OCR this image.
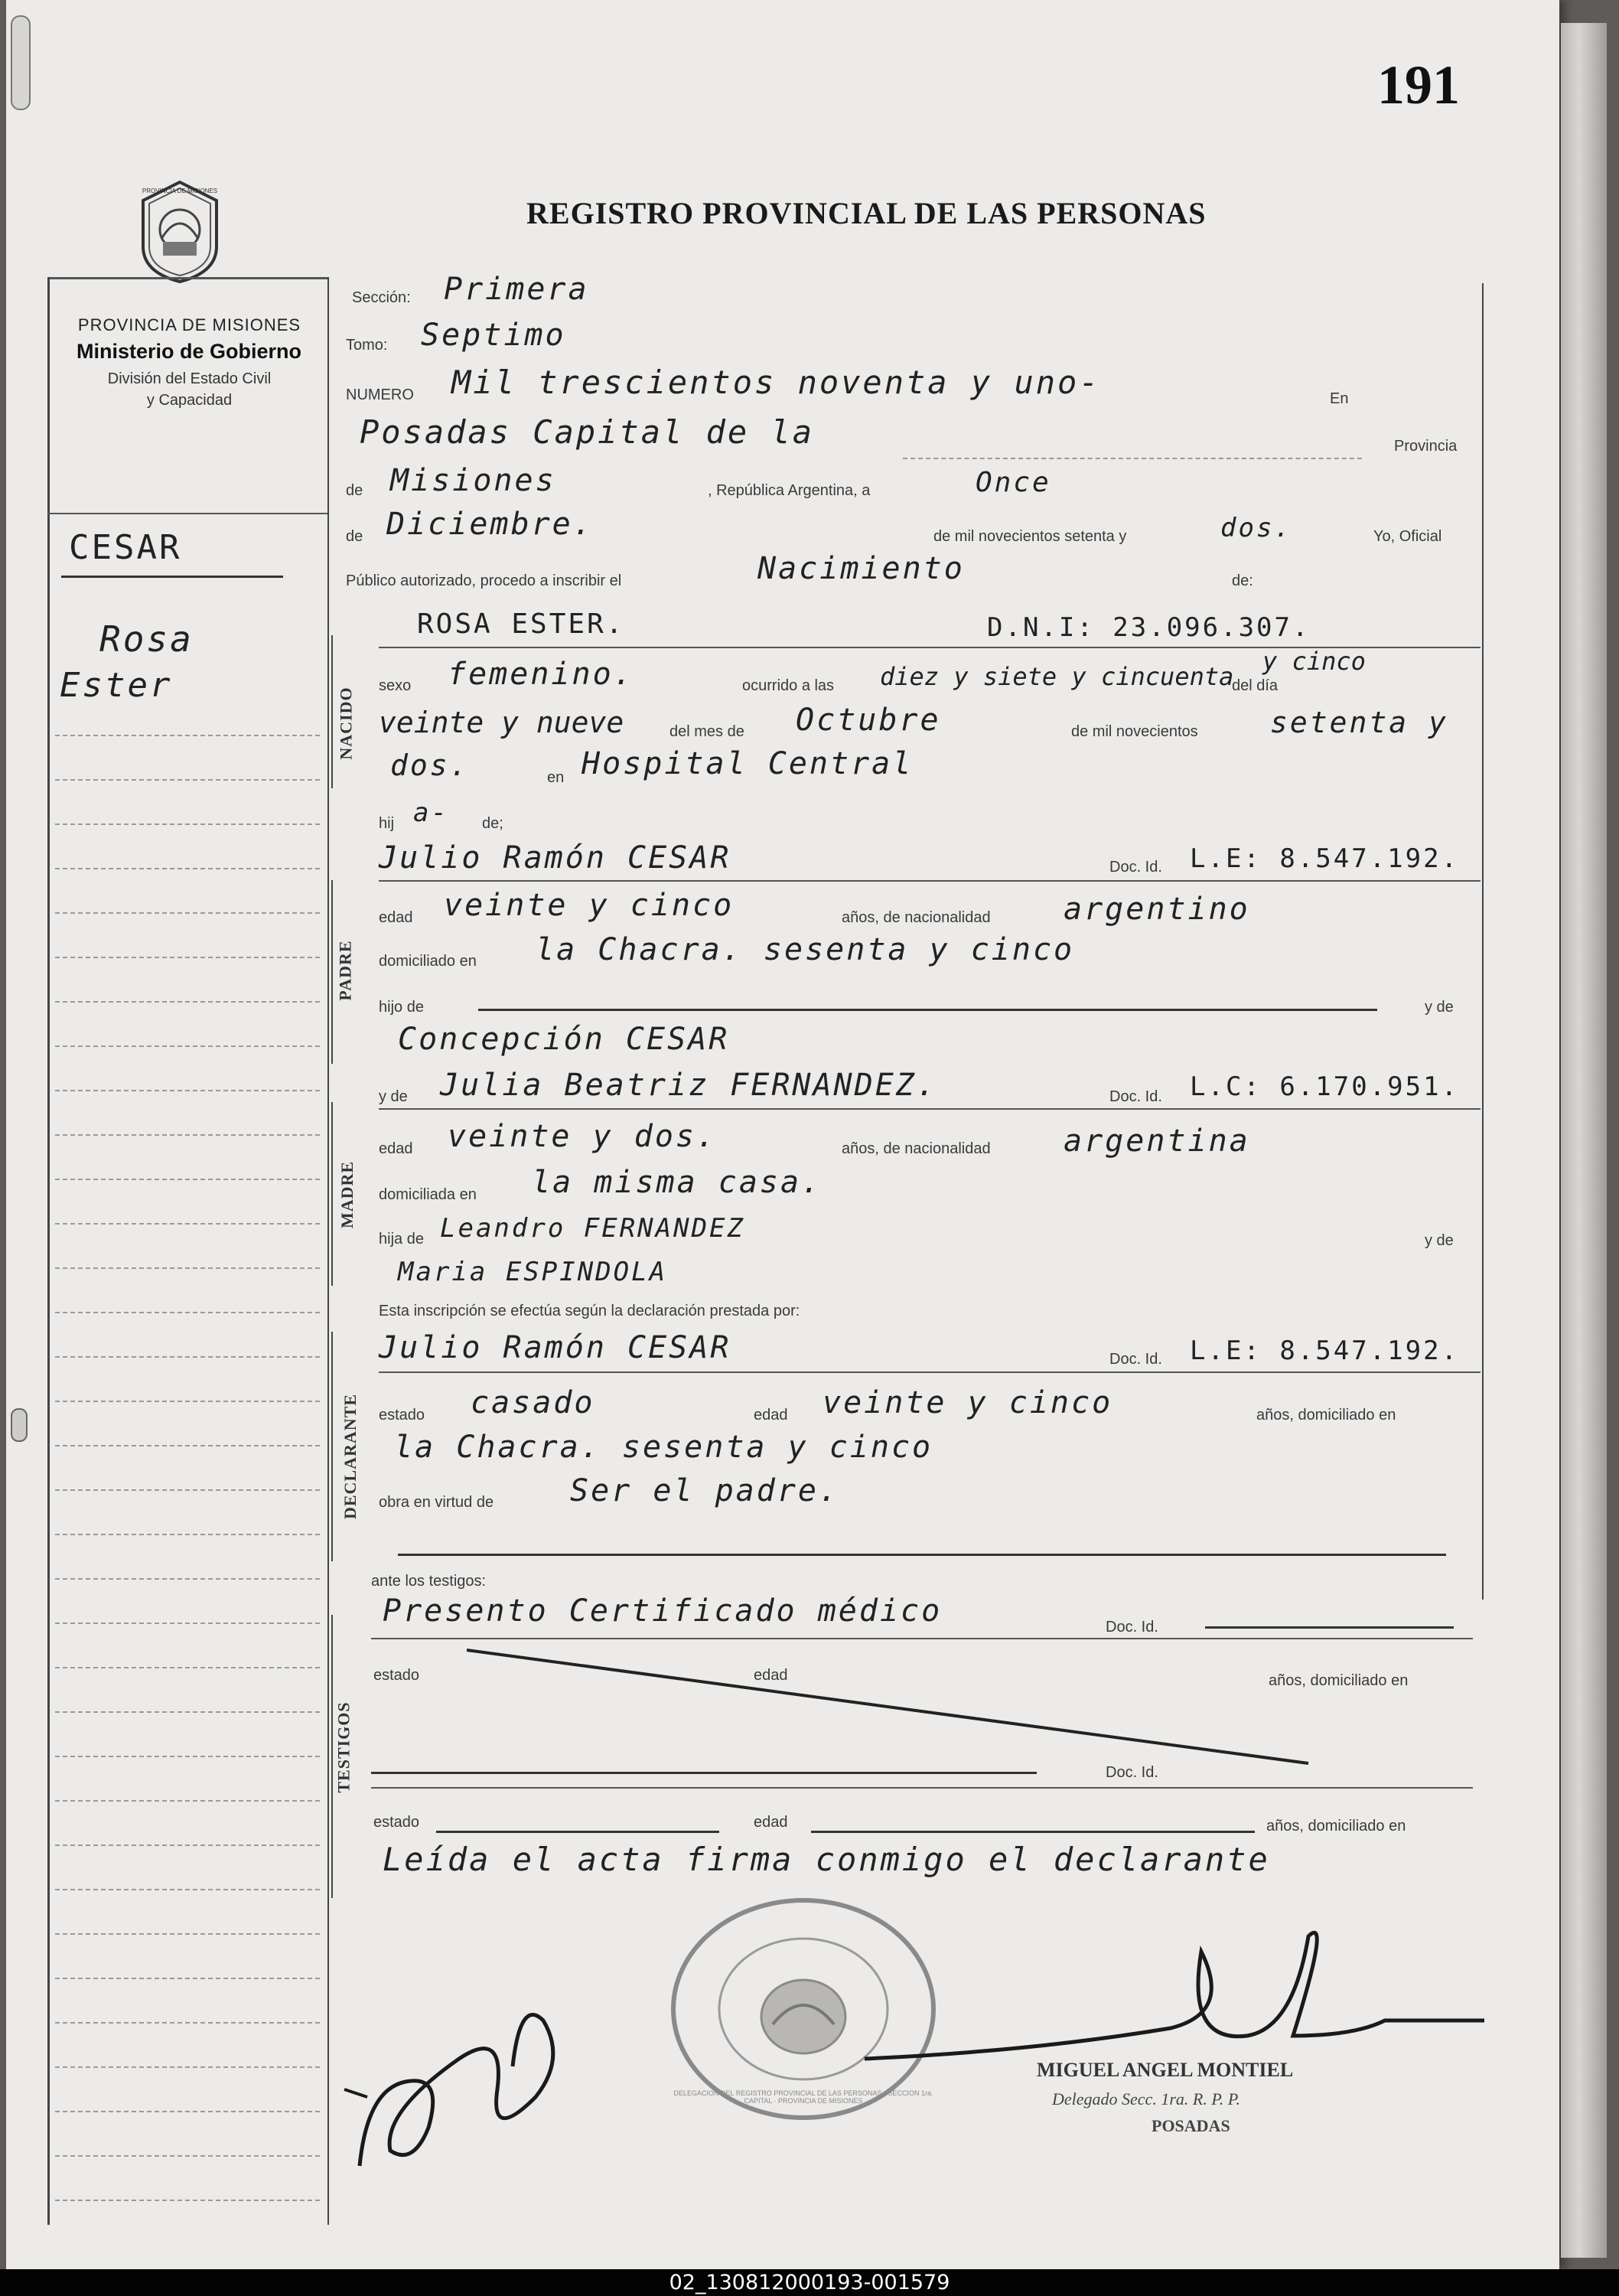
191
PROVINCIA DE MISIONES
REGISTRO PROVINCIAL DE LAS PERSONAS
PROVINCIA DE MISIONES
Ministerio de Gobierno
División del Estado Civil
y Capacidad
NACIDO
PADRE
MADRE
DECLARANTE
TESTIGOS
CESAR
Rosa
Ester
Sección: Primera
Tomo: Septimo
NUMERO Mil trescientos noventa y uno-	En
Posadas Capital de la	Provincia
de Misiones	, República Argentina, a	Once
de Diciembre.	de mil novecientos setenta y	dos.	Yo, Oficial
Público autorizado, procedo a inscribir el	Nacimiento	de:
ROSA ESTER.	D.N.I: 23.096.307.
sexo femenino.	ocurrido a las diez y siete y cincuenta
del día
y cinco
veinte y nueve	del mes de Octubre	de mil novecientos setenta y
dos.	en Hospital Central
hij a- de;
Julio Ramón CESAR	Doc. Id. L.E: 8.547.192.
edad veinte y cinco	años, de nacionalidad argentino
domiciliado en la Chacra. sesenta y cinco
hijo de	y de
Concepción CESAR
y de Julia Beatriz FERNANDEZ.	Doc. Id. L.C: 6.170.951.
edad veinte y dos.	años, de nacionalidad argentina
domiciliada en la misma casa.
hija de Leandro FERNANDEZ	y de
Maria ESPINDOLA
Esta inscripción se efectúa según la declaración prestada por:
Julio Ramón CESAR	Doc. Id. L.E: 8.547.192.
estado casado	edad veinte y cinco	años, domiciliado en
la Chacra. sesenta y cinco
obra en virtud de Ser el padre.
ante los testigos:
Presento Certificado médico	Doc. Id.
estado	edad	años, domiciliado en
Doc. Id.
estado	edad	años, domiciliado en
Leída el acta firma conmigo el declarante
DELEGACION DEL REGISTRO PROVINCIAL DE LAS PERSONAS · SECCION 1ra. CAPITAL · PROVINCIA DE MISIONES
MIGUEL ANGEL MONTIEL
Delegado Secc. 1ra. R. P. P.
POSADAS
02_130812000193-001579
